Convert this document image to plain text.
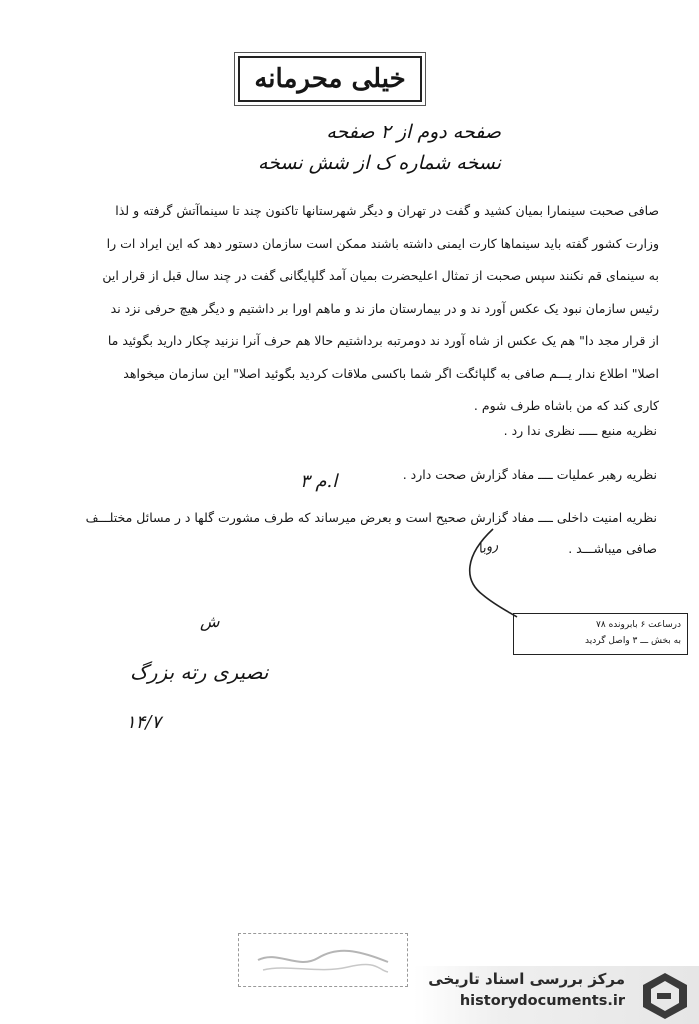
خیلی محرمانه
صفحه دوم از ۲ صفحه
نسخه شماره ک از شش نسخه
صافی صحبت سینمارا بمیان کشید و گفت در تهران و دیگر شهرستانها تاکنون چند تا سینماآتش گرفته و لذا
وزارت کشور گفته باید سینماها کارت ایمنی داشته باشند ممکن است سازمان دستور دهد که این ایراد ات را
به سینمای قم نکنند سپس صحبت از تمثال اعلیحضرت بمیان آمد گلپایگانی گفت در چند سال قبل از قرار این
رئیس سازمان نبود یک عکس آورد ند و در بیمارستان ماز ند و ماهم اورا بر داشتیم و دیگر هیچ حرفی نزد ند
از قرار مجد دا" هم یک عکس از شاه آورد ند دومرتبه برداشتیم حالا هم حرف آنرا نزنید چکار دارید بگوئید ما
اصلا" اطلاع ندار یـــم صافی به گلپائگت اگر شما باکسی ملاقات کردید بگوئید اصلا" این سازمان میخواهد
کاری کند که من باشاه طرف شوم .
نظریه منبع ـــــ نظری ندا رد .
نظریه رهبر عملیات ــــ مفاد گزارش صحت دارد .
نظریه امنیت داخلی ــــ مفاد گزارش صحیح است و بعرض میرساند که طرف مشورت گلها د ر مسائل مختلـــف
صافی میباشـــد .
ا.م ۳
روبا
درساعت ۶ بابرونده ۷۸
به بخش ـــ ۳ واصل گردید
ش
نصیری رته بزرگ
۱۴/۷
مرکز بررسی اسناد تاریخی
historydocuments.ir
